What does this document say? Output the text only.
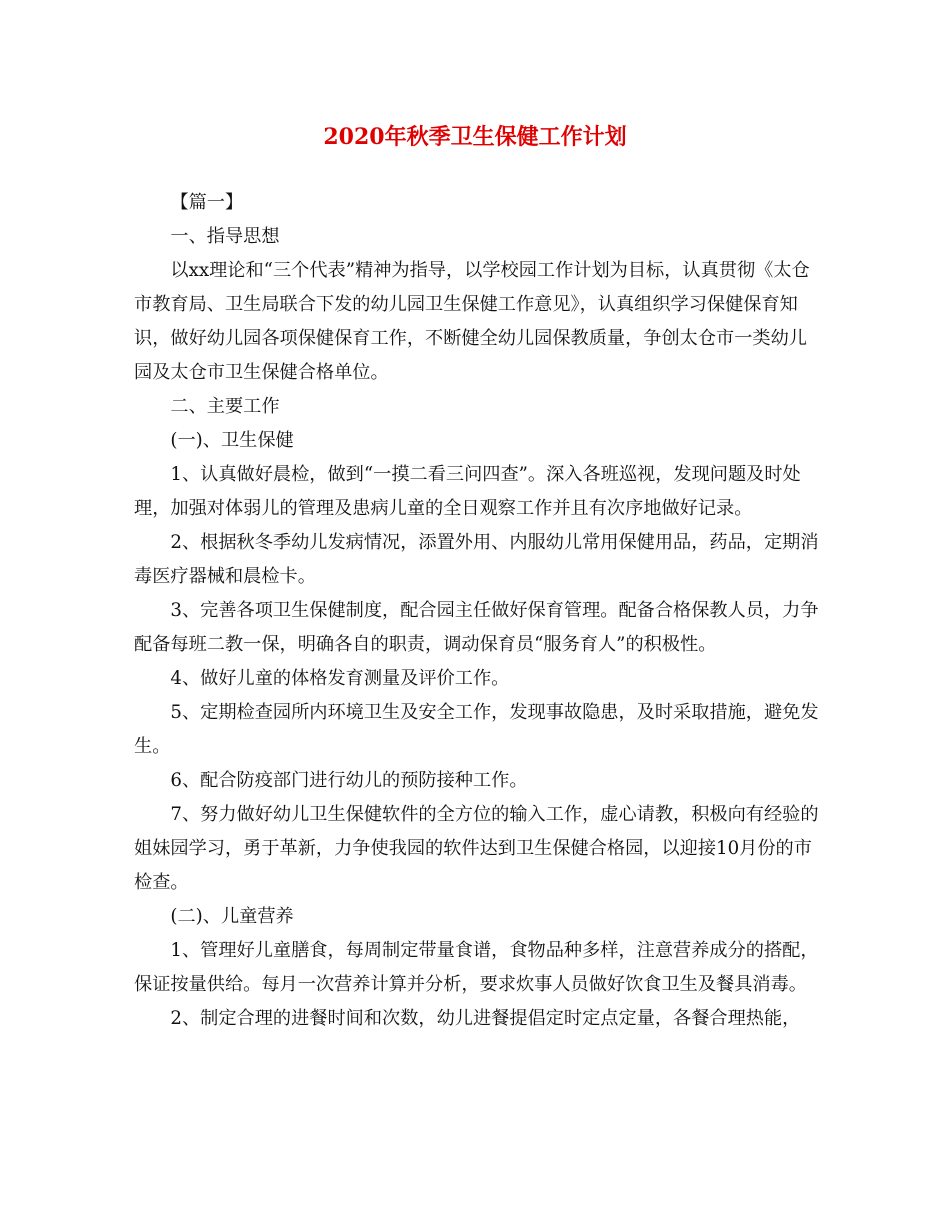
2020年秋季卫生保健工作计划

【篇一】

一、指导思想

以xx理论和“三个代表”精神为指导，以学校园工作计划为目标，认真贯彻《太仓市教育局、卫生局联合下发的幼儿园卫生保健工作意见》，认真组织学习保健保育知识，做好幼儿园各项保健保育工作，不断健全幼儿园保教质量，争创太仓市一类幼儿园及太仓市卫生保健合格单位。

二、主要工作

(一)、卫生保健

1、认真做好晨检，做到“一摸二看三问四查”。深入各班巡视，发现问题及时处理，加强对体弱儿的管理及患病儿童的全日观察工作并且有次序地做好记录。

2、根据秋冬季幼儿发病情况，添置外用、内服幼儿常用保健用品，药品，定期消毒医疗器械和晨检卡。

3、完善各项卫生保健制度，配合园主任做好保育管理。配备合格保教人员，力争配备每班二教一保，明确各自的职责，调动保育员“服务育人”的积极性。

4、做好儿童的体格发育测量及评价工作。

5、定期检查园所内环境卫生及安全工作，发现事故隐患，及时采取措施，避免发生。

6、配合防疫部门进行幼儿的预防接种工作。

7、努力做好幼儿卫生保健软件的全方位的输入工作，虚心请教，积极向有经验的姐妹园学习，勇于革新，力争使我园的软件达到卫生保健合格园，以迎接10月份的市检查。

(二)、儿童营养

1、管理好儿童膳食，每周制定带量食谱，食物品种多样，注意营养成分的搭配，保证按量供给。每月一次营养计算并分析，要求炊事人员做好饮食卫生及餐具消毒。

2、制定合理的进餐时间和次数，幼儿进餐提倡定时定点定量，各餐合理热能，
